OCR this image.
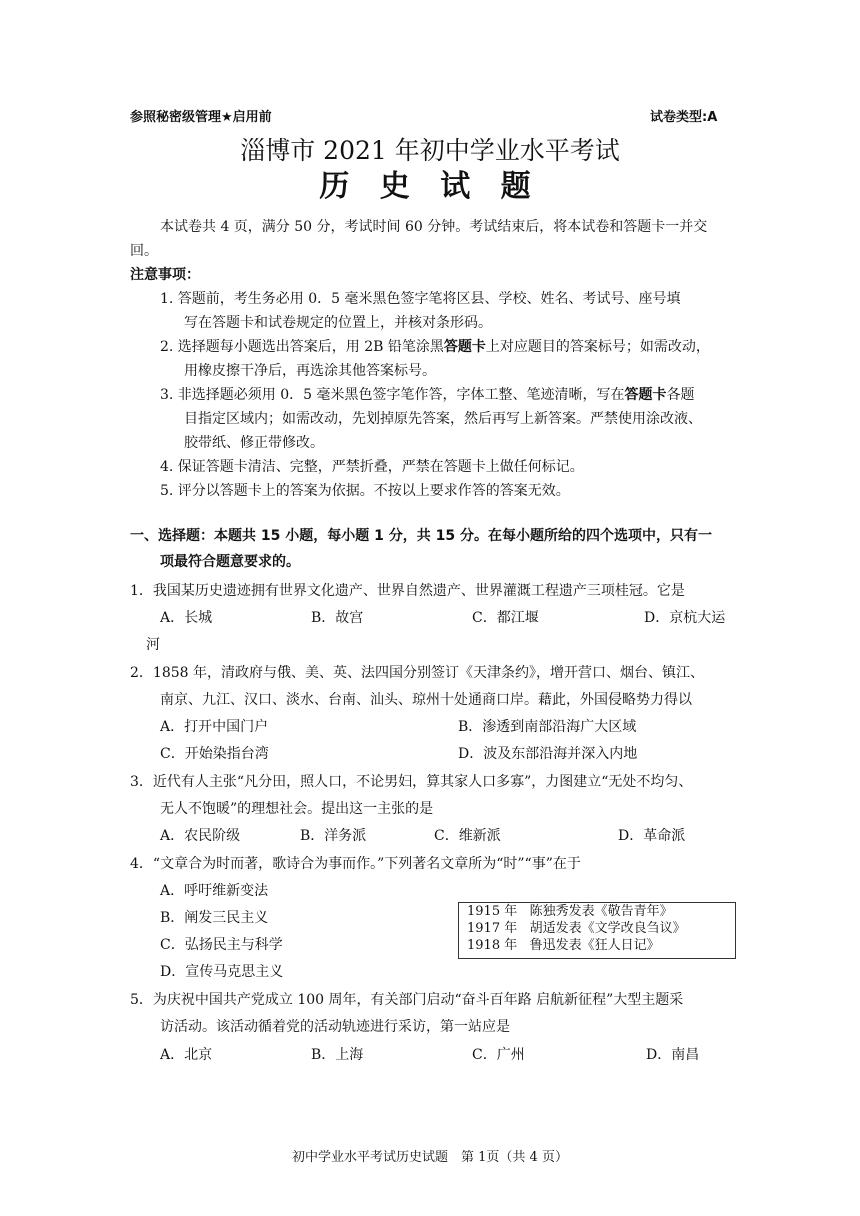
参照秘密级管理★启用前	试卷类型:A
淄博市 2021 年初中学业水平考试
历 史 试 题
本试卷共 4 页，满分 50 分，考试时间 60 分钟。考试结束后，将本试卷和答题卡一并交
回。
注意事项：
1. 答题前，考生务必用 0．5 毫米黑色签字笔将区县、学校、姓名、考试号、座号填
写在答题卡和试卷规定的位置上，并核对条形码。
2. 选择题每小题选出答案后，用 2B 铅笔涂黑答题卡上对应题目的答案标号；如需改动，
用橡皮擦干净后，再选涂其他答案标号。
3. 非选择题必须用 0．5 毫米黑色签字笔作答，字体工整、笔迹清晰，写在答题卡各题
目指定区域内；如需改动，先划掉原先答案，然后再写上新答案。严禁使用涂改液、
胶带纸、修正带修改。
4. 保证答题卡清洁、完整，严禁折叠，严禁在答题卡上做任何标记。
5. 评分以答题卡上的答案为依据。不按以上要求作答的答案无效。
一、选择题：本题共 15 小题，每小题 1 分，共 15 分。在每小题所给的四个选项中，只有一
项最符合题意要求的。
1．我国某历史遗迹拥有世界文化遗产、世界自然遗产、世界灌溉工程遗产三项桂冠。它是
A．长城	B．故宫	C．都江堰	D．京杭大运
河
2．1858 年，清政府与俄、美、英、法四国分别签订《天津条约》，增开营口、烟台、镇江、
南京、九江、汉口、淡水、台南、汕头、琼州十处通商口岸。藉此，外国侵略势力得以
A．打开中国门户	B．渗透到南部沿海广大区域
C．开始染指台湾	D．波及东部沿海并深入内地
3．近代有人主张“凡分田，照人口，不论男妇，算其家人口多寡”，力图建立“无处不均匀、
无人不饱暖”的理想社会。提出这一主张的是
A．农民阶级	B．洋务派	C．维新派	D．革命派
4．“文章合为时而著，歌诗合为事而作。”下列著名文章所为“时”“事”在于
A．呼吁维新变法
B．阐发三民主义
C．弘扬民主与科学
D．宣传马克思主义
1915 年 陈独秀发表《敬告青年》
1917 年 胡适发表《文学改良刍议》
1918 年 鲁迅发表《狂人日记》
5．为庆祝中国共产党成立 100 周年，有关部门启动“奋斗百年路 启航新征程”大型主题采
访活动。该活动循着党的活动轨迹进行采访，第一站应是
A．北京	B．上海	C．广州	D．南昌
初中学业水平考试历史试题　第 1页（共 4 页）
